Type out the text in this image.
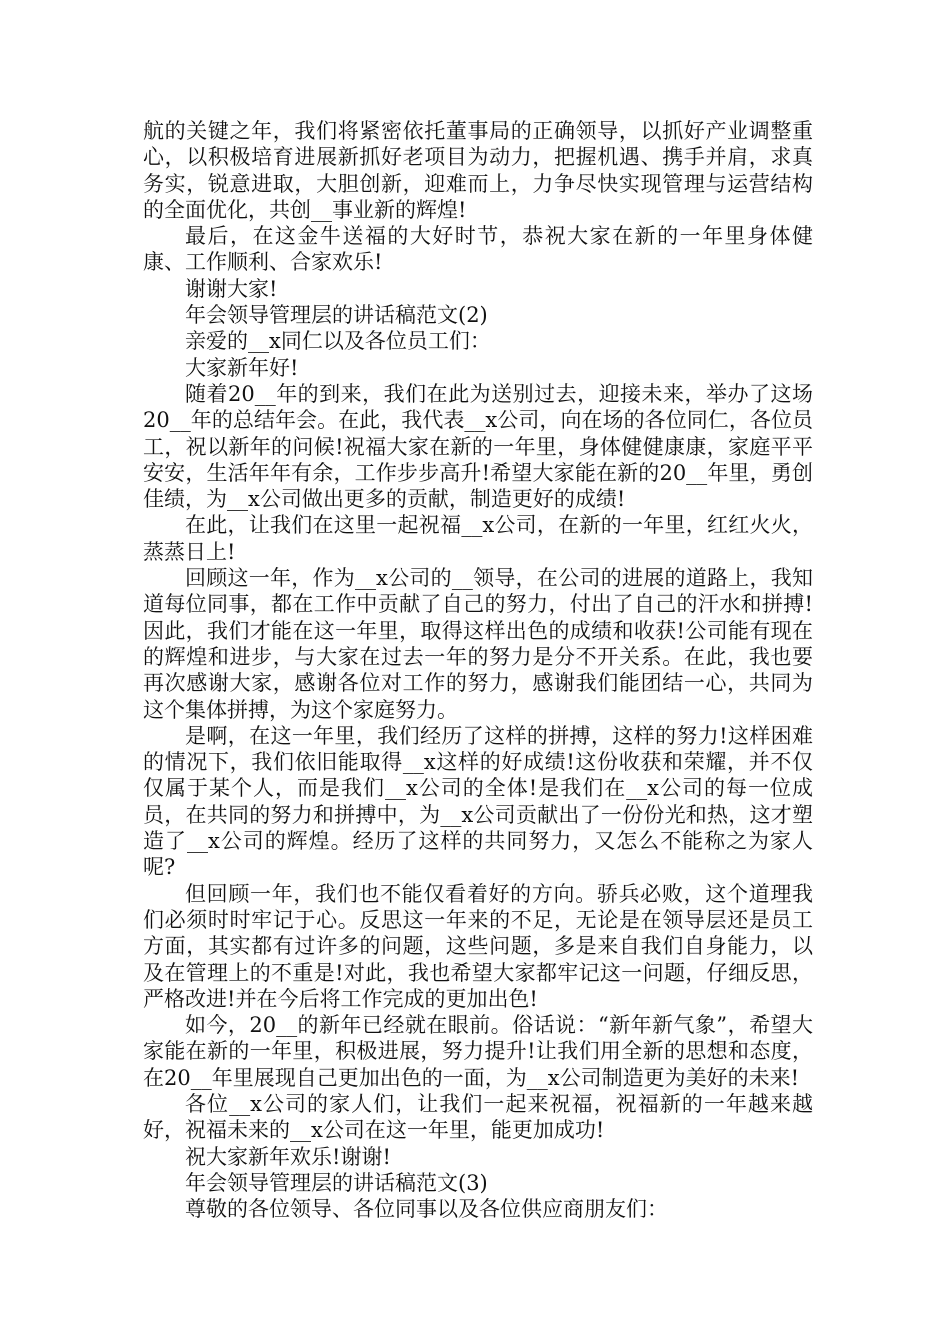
航的关键之年，我们将紧密依托董事局的正确领导，以抓好产业调整重心，以积极培育进展新抓好老项目为动力，把握机遇、携手并肩，求真务实，锐意进取，大胆创新，迎难而上，力争尽快实现管理与运营结构的全面优化，共创__事业新的辉煌!

最后，在这金牛送福的大好时节，恭祝大家在新的一年里身体健康、工作顺利、合家欢乐!

谢谢大家!

年会领导管理层的讲话稿范文(2)

亲爱的__x同仁以及各位员工们：

大家新年好!

随着20__年的到来，我们在此为送别过去，迎接未来，举办了这场20__年的总结年会。在此，我代表__x公司，向在场的各位同仁，各位员工，祝以新年的问候!祝福大家在新的一年里，身体健健康康，家庭平平安安，生活年年有余，工作步步高升!希望大家能在新的20__年里，勇创佳绩，为__x公司做出更多的贡献，制造更好的成绩!

在此，让我们在这里一起祝福__x公司，在新的一年里，红红火火，蒸蒸日上!

回顾这一年，作为__x公司的__领导，在公司的进展的道路上，我知道每位同事，都在工作中贡献了自己的努力，付出了自己的汗水和拼搏!因此，我们才能在这一年里，取得这样出色的成绩和收获!公司能有现在的辉煌和进步，与大家在过去一年的努力是分不开关系。在此，我也要再次感谢大家，感谢各位对工作的努力，感谢我们能团结一心，共同为这个集体拼搏，为这个家庭努力。

是啊，在这一年里，我们经历了这样的拼搏，这样的努力!这样困难的情况下，我们依旧能取得__x这样的好成绩!这份收获和荣耀，并不仅仅属于某个人，而是我们__x公司的全体!是我们在__x公司的每一位成员，在共同的努力和拼搏中，为__x公司贡献出了一份份光和热，这才塑造了__x公司的辉煌。经历了这样的共同努力，又怎么不能称之为家人呢?

但回顾一年，我们也不能仅看着好的方向。骄兵必败，这个道理我们必须时时牢记于心。反思这一年来的不足，无论是在领导层还是员工方面，其实都有过许多的问题，这些问题，多是来自我们自身能力，以及在管理上的不重是!对此，我也希望大家都牢记这一问题，仔细反思，严格改进!并在今后将工作完成的更加出色!

如今，20__的新年已经就在眼前。俗话说：“新年新气象”，希望大家能在新的一年里，积极进展，努力提升!让我们用全新的思想和态度，在20__年里展现自己更加出色的一面，为__x公司制造更为美好的未来!

各位__x公司的家人们，让我们一起来祝福，祝福新的一年越来越好，祝福未来的__x公司在这一年里，能更加成功!

祝大家新年欢乐!谢谢!

年会领导管理层的讲话稿范文(3)

尊敬的各位领导、各位同事以及各位供应商朋友们：
